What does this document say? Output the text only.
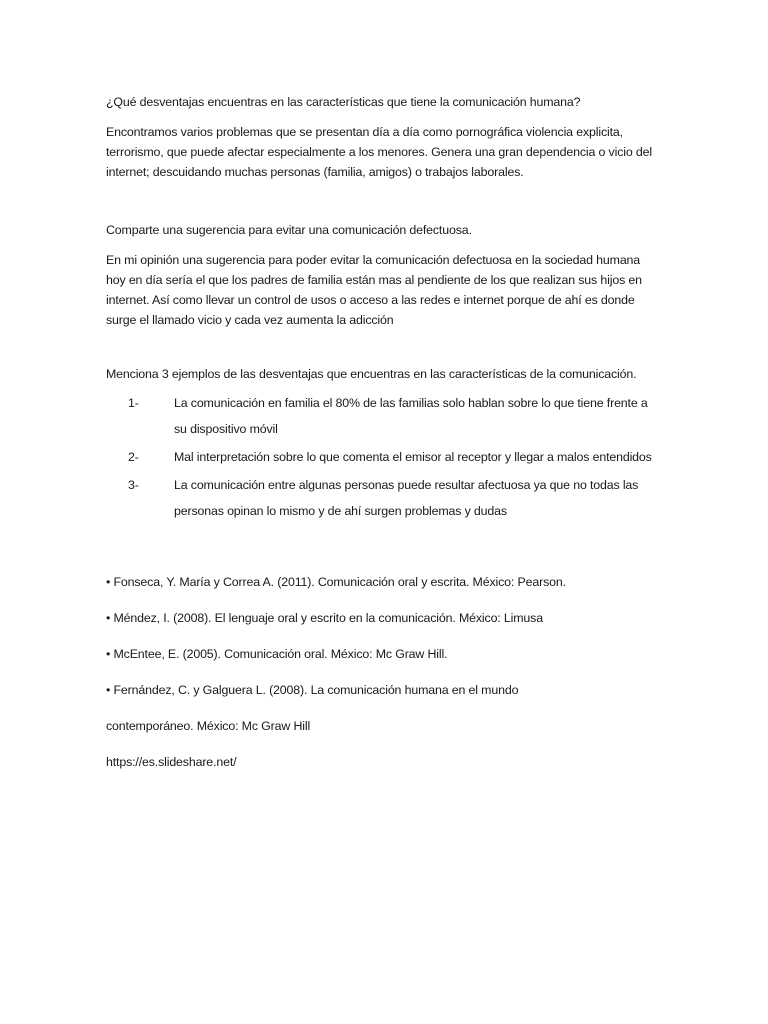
¿Qué desventajas encuentras en las características que tiene la comunicación humana?

Encontramos varios problemas que se presentan día a día como pornográfica violencia explicita, terrorismo, que puede afectar especialmente a los menores. Genera una gran dependencia o vicio del internet; descuidando muchas personas (familia, amigos) o trabajos laborales.

Comparte una sugerencia para evitar una comunicación defectuosa.

En mi opinión una sugerencia para poder evitar la comunicación defectuosa en la sociedad humana hoy en día sería el que los padres de familia están mas al pendiente de los que realizan sus hijos en internet. Así como llevar un control de usos o acceso a las redes e internet porque de ahí es donde surge el llamado vicio y cada vez aumenta la adicción

Menciona 3 ejemplos de las desventajas que encuentras en las características de la comunicación.

1-	La comunicación en familia el 80% de las familias solo hablan sobre lo que tiene frente a su dispositivo móvil
2-	Mal interpretación sobre lo que comenta el emisor al receptor y llegar a malos entendidos
3-	La comunicación entre algunas personas puede resultar afectuosa ya que no todas las personas opinan lo mismo y de ahí surgen problemas y dudas

• Fonseca, Y. María y Correa A. (2011). Comunicación oral y escrita. México: Pearson.

• Méndez, I. (2008). El lenguaje oral y escrito en la comunicación. México: Limusa

• McEntee, E. (2005). Comunicación oral. México: Mc Graw Hill.

• Fernández, C. y Galguera L. (2008). La comunicación humana en el mundo

contemporáneo. México: Mc Graw Hill

https://es.slideshare.net/
